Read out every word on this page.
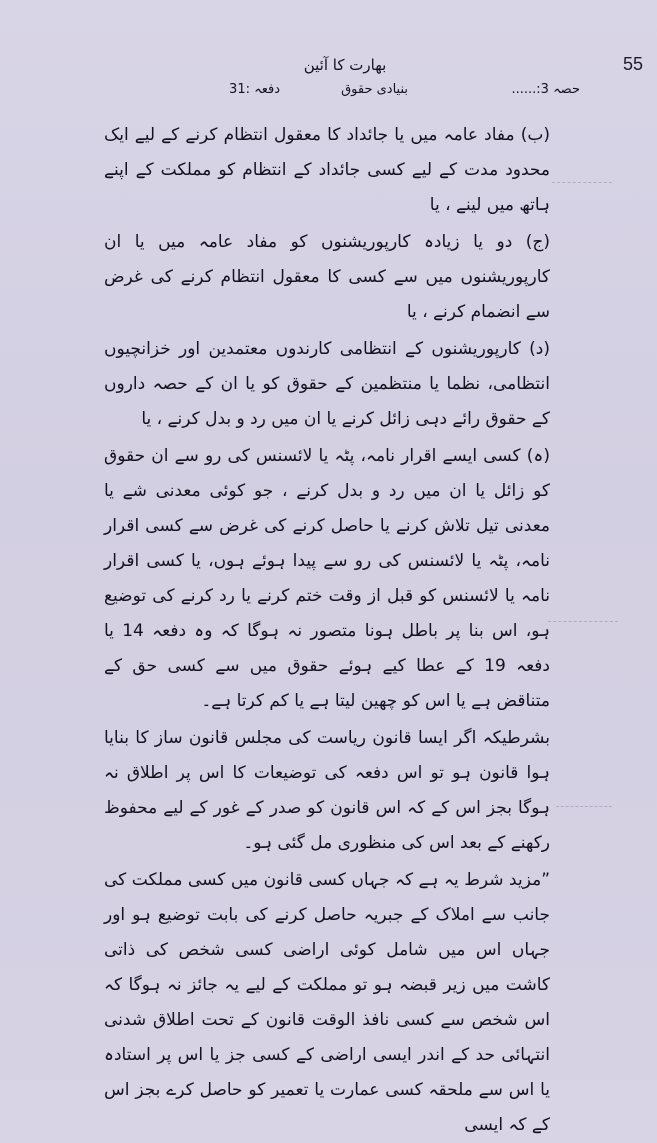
55
بھارت کا آئین
حصہ 3:......
بنیادی حقوق
دفعہ :31

(ب) مفاد عامہ میں یا جائداد کا معقول انتظام کرنے کے لیے ایک محدود مدت کے لیے کسی جائداد کے انتظام کو مملکت کے اپنے ہاتھ میں لینے ، یا

(ج) دو یا زیادہ کارپوریشنوں کو مفاد عامہ میں یا ان کارپوریشنوں میں سے کسی کا معقول انتظام کرنے کی غرض سے انضمام کرنے ، یا

(د) کارپوریشنوں کے انتظامی کارندوں معتمدین اور خزانچیوں انتظامی، نظما یا منتظمین کے حقوق کو یا ان کے حصہ داروں کے حقوق رائے دہی زائل کرنے یا ان میں رد و بدل کرنے ، یا

(ہ) کسی ایسے اقرار نامہ، پٹہ یا لائسنس کی رو سے ان حقوق کو زائل یا ان میں رد و بدل کرنے ، جو کوئی معدنی شے یا معدنی تیل تلاش کرنے یا حاصل کرنے کی غرض سے کسی اقرار نامہ، پٹہ یا لائسنس کی رو سے پیدا ہوئے ہوں، یا کسی اقرار نامہ یا لائسنس کو قبل از وقت ختم کرنے یا رد کرنے کی توضیع ہو، اس بنا پر باطل ہونا متصور نہ ہوگا کہ وہ دفعہ 14 یا دفعہ 19 کے عطا کیے ہوئے حقوق میں سے کسی حق کے متناقض ہے یا اس کو چھین لیتا ہے یا کم کرتا ہے۔

بشرطیکہ اگر ایسا قانون ریاست کی مجلس قانون ساز کا بنایا ہوا قانون ہو تو اس دفعہ کی توضیعات کا اس پر اطلاق نہ ہوگا بجز اس کے کہ اس قانون کو صدر کے غور کے لیے محفوظ رکھنے کے بعد اس کی منظوری مل گئی ہو۔

”مزید شرط یہ ہے کہ جہاں کسی قانون میں کسی مملکت کی جانب سے املاک کے جبریہ حاصل کرنے کی بابت توضیع ہو اور جہاں اس میں شامل کوئی اراضی کسی شخص کی ذاتی کاشت میں زیر قبضہ ہو تو مملکت کے لیے یہ جائز نہ ہوگا کہ اس شخص سے کسی نافذ الوقت قانون کے تحت اطلاق شدنی انتہائی حد کے اندر ایسی اراضی کے کسی جز یا اس پر استادہ یا اس سے ملحقہ کسی عمارت یا تعمیر کو حاصل کرے بجز اس کے کہ ایسی
